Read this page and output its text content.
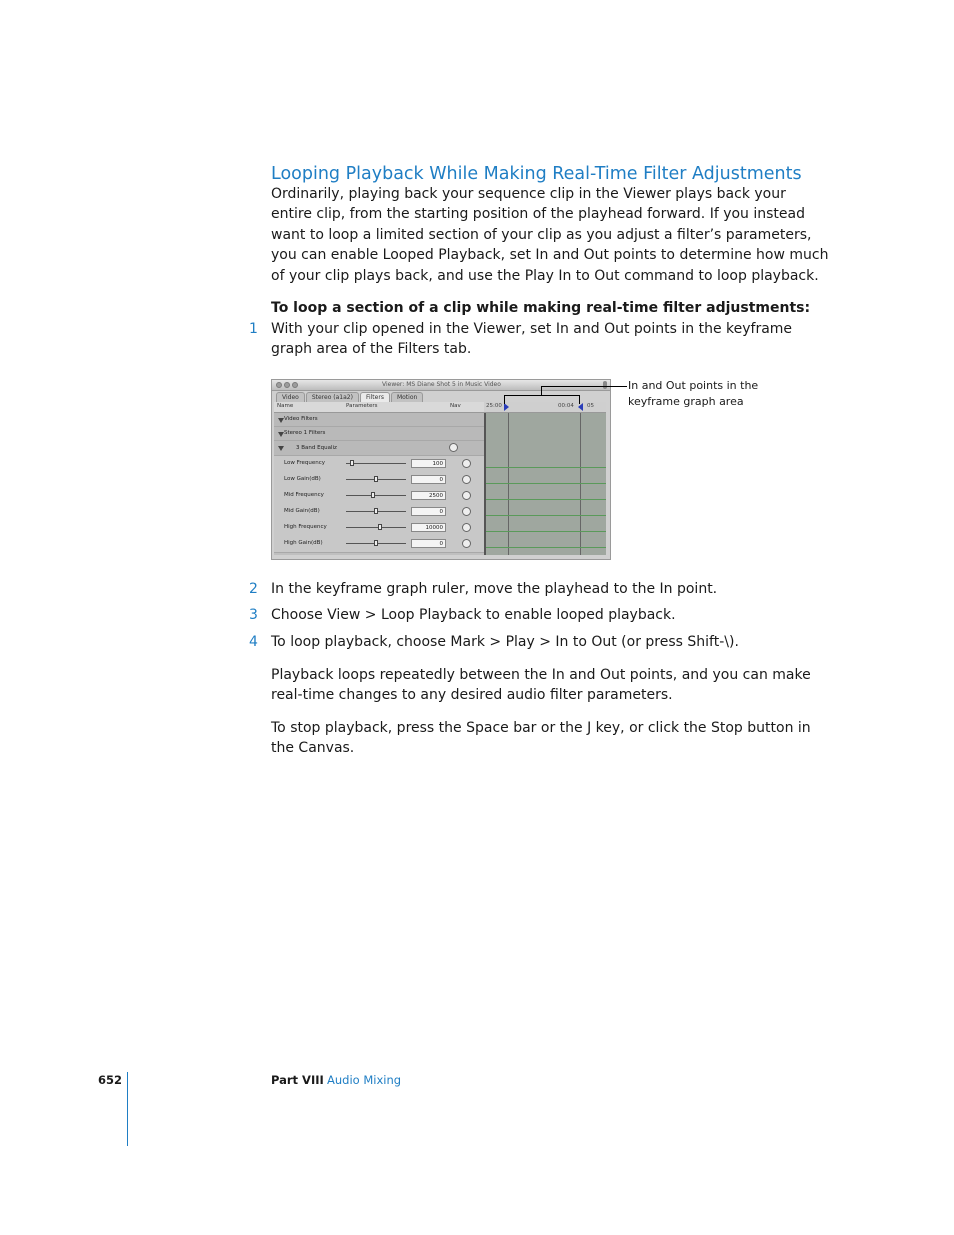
Looping Playback While Making Real-Time Filter Adjustments

Ordinarily, playing back your sequence clip in the Viewer plays back your entire clip, from the starting position of the playhead forward. If you instead want to loop a limited section of your clip as you adjust a filter’s parameters, you can enable Looped Playback, set In and Out points to determine how much of your clip plays back, and use the Play In to Out command to loop playback.

To loop a section of a clip while making real-time filter adjustments:

1 With your clip opened in the Viewer, set In and Out points in the keyframe graph area of the Filters tab.

Viewer: MS Diane Shot 5 in Music Video
Video	Stereo (a1a2)	Filters	Motion
Name	Parameters	Nav	25:00	00:04 05
Video Filters
Stereo 1 Filters
3 Band Equaliz
Low Frequency	100
Low Gain(dB)	0
Mid Frequency	2500
Mid Gain(dB)	0
High Frequency	10000
High Gain(dB)	0
In and Out points in the keyframe graph area
2 In the keyframe graph ruler, move the playhead to the In point.

3 Choose View > Loop Playback to enable looped playback.

4 To loop playback, choose Mark > Play > In to Out (or press Shift-\).

Playback loops repeatedly between the In and Out points, and you can make real-time changes to any desired audio filter parameters.

To stop playback, press the Space bar or the J key, or click the Stop button in the Canvas.

652	Part VIII Audio Mixing
